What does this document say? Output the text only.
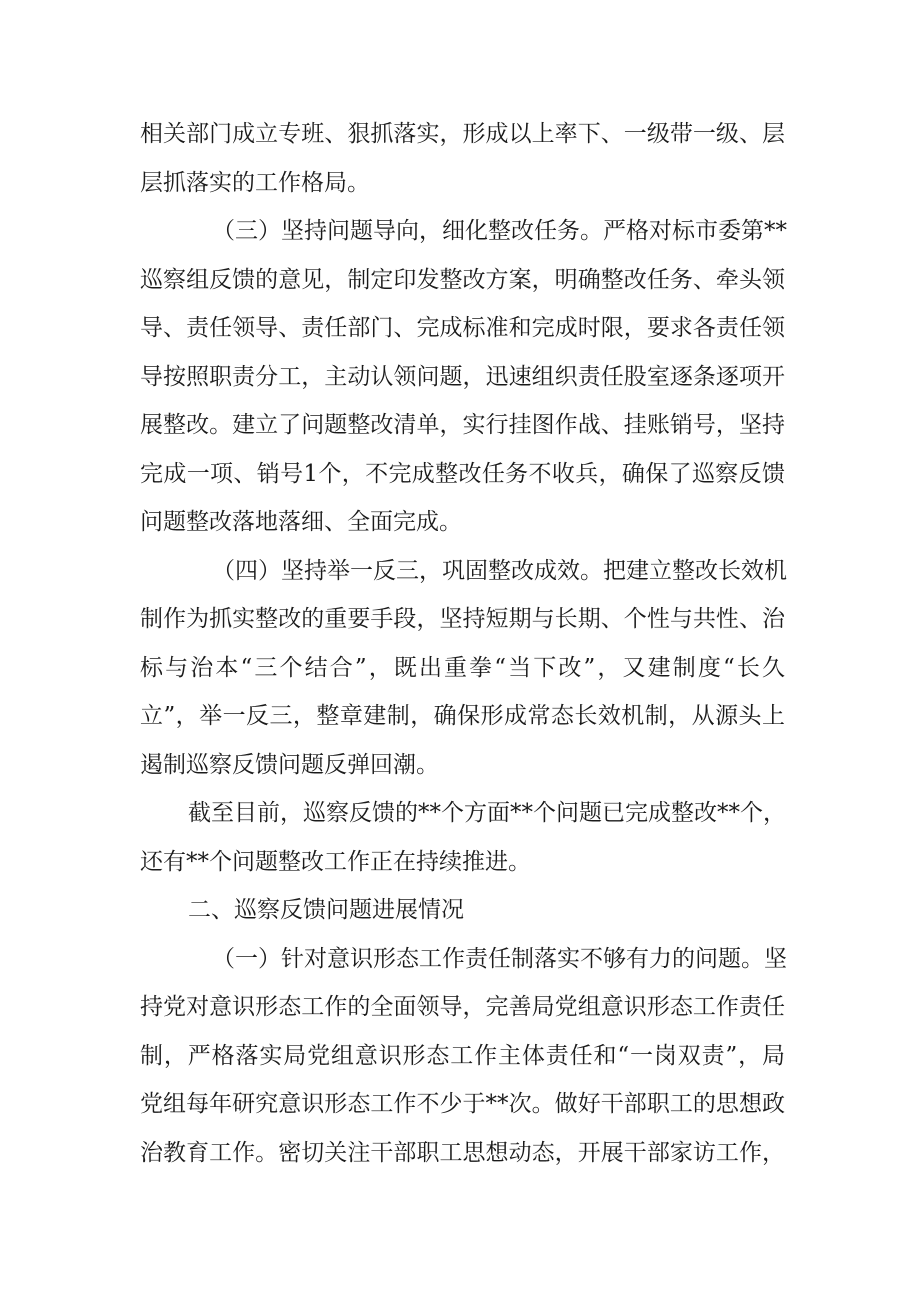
相关部门成立专班、狠抓落实，形成以上率下、一级带一级、层
层抓落实的工作格局。
（三）坚持问题导向，细化整改任务。严格对标市委第**
巡察组反馈的意见，制定印发整改方案，明确整改任务、牵头领
导、责任领导、责任部门、完成标准和完成时限，要求各责任领
导按照职责分工，主动认领问题，迅速组织责任股室逐条逐项开
展整改。建立了问题整改清单，实行挂图作战、挂账销号，坚持
完成一项、销号1个，不完成整改任务不收兵，确保了巡察反馈
问题整改落地落细、全面完成。
（四）坚持举一反三，巩固整改成效。把建立整改长效机
制作为抓实整改的重要手段，坚持短期与长期、个性与共性、治
标与治本“三个结合”，既出重拳“当下改”，又建制度“长久
立”，举一反三，整章建制，确保形成常态长效机制，从源头上
遏制巡察反馈问题反弹回潮。
截至目前，巡察反馈的**个方面**个问题已完成整改**个，
还有**个问题整改工作正在持续推进。
二、巡察反馈问题进展情况
（一）针对意识形态工作责任制落实不够有力的问题。坚
持党对意识形态工作的全面领导，完善局党组意识形态工作责任
制，严格落实局党组意识形态工作主体责任和“一岗双责”，局
党组每年研究意识形态工作不少于**次。做好干部职工的思想政
治教育工作。密切关注干部职工思想动态，开展干部家访工作，
